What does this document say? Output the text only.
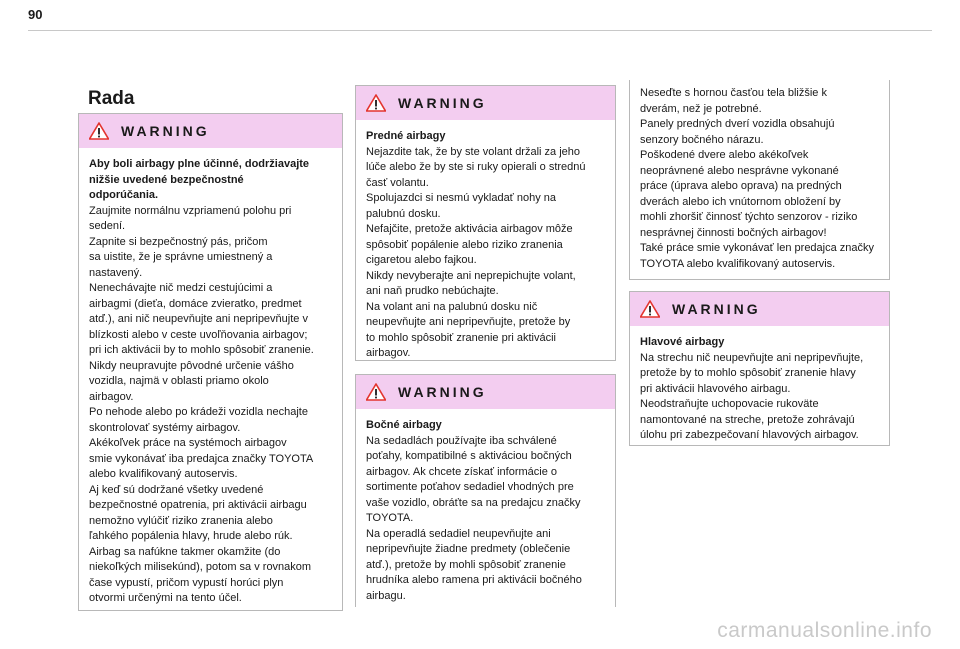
90
Rada
WARNING

Aby boli airbagy plne účinné, dodržiavajte
nižšie uvedené bezpečnostné
odporúčania.

Zaujmite normálnu vzpriamenú polohu pri
sedení.
Zapnite si bezpečnostný pás, pričom
sa uistite, že je správne umiestnený a
nastavený.
Nenechávajte nič medzi cestujúcimi a
airbagmi (dieťa, domáce zvieratko, predmet
atď.), ani nič neupevňujte ani nepripevňujte v
blízkosti alebo v ceste uvoľňovania airbagov;
pri ich aktivácii by to mohlo spôsobiť zranenie.
Nikdy neupravujte pôvodné určenie vášho
vozidla, najmä v oblasti priamo okolo
airbagov.
Po nehode alebo po krádeži vozidla nechajte
skontrolovať systémy airbagov.
Akékoľvek práce na systémoch airbagov
smie vykonávať iba predajca značky TOYOTA
alebo kvalifikovaný autoservis.
Aj keď sú dodržané všetky uvedené
bezpečnostné opatrenia, pri aktivácii airbagu
nemožno vylúčiť riziko zranenia alebo
ľahkého popálenia hlavy, hrude alebo rúk.
Airbag sa nafúkne takmer okamžite (do
niekoľkých milisekúnd), potom sa v rovnakom
čase vypustí, pričom vypustí horúci plyn
otvormi určenými na tento účel.

WARNING

Predné airbagy

Nejazdite tak, že by ste volant držali za jeho
lúče alebo že by ste si ruky opierali o strednú
časť volantu.
Spolujazdci si nesmú vykladať nohy na
palubnú dosku.
Nefajčite, pretože aktivácia airbagov môže
spôsobiť popálenie alebo riziko zranenia
cigaretou alebo fajkou.
Nikdy nevyberajte ani neprepichujte volant,
ani naň prudko nebúchajte.
Na volant ani na palubnú dosku nič
neupevňujte ani nepripevňujte, pretože by
to mohlo spôsobiť zranenie pri aktivácii
airbagov.

WARNING

Bočné airbagy

Na sedadlách používajte iba schválené
poťahy, kompatibilné s aktiváciou bočných
airbagov. Ak chcete získať informácie o
sortimente poťahov sedadiel vhodných pre
vaše vozidlo, obráťte sa na predajcu značky
TOYOTA.
Na operadlá sedadiel neupevňujte ani
nepripevňujte žiadne predmety (oblečenie
atď.), pretože by mohli spôsobiť zranenie
hrudníka alebo ramena pri aktivácii bočného
airbagu.

Neseďte s hornou časťou tela bližšie k
dverám, než je potrebné.
Panely predných dverí vozidla obsahujú
senzory bočného nárazu.
Poškodené dvere alebo akékoľvek
neoprávnené alebo nesprávne vykonané
práce (úprava alebo oprava) na predných
dverách alebo ich vnútornom obložení by
mohli zhoršiť činnosť týchto senzorov - riziko
nesprávnej činnosti bočných airbagov!
Také práce smie vykonávať len predajca značky
TOYOTA alebo kvalifikovaný autoservis.

WARNING

Hlavové airbagy

Na strechu nič neupevňujte ani nepripevňujte,
pretože by to mohlo spôsobiť zranenie hlavy
pri aktivácii hlavového airbagu.
Neodstraňujte uchopovacie rukoväte
namontované na streche, pretože zohrávajú
úlohu pri zabezpečovaní hlavových airbagov.

carmanualsonline.info
